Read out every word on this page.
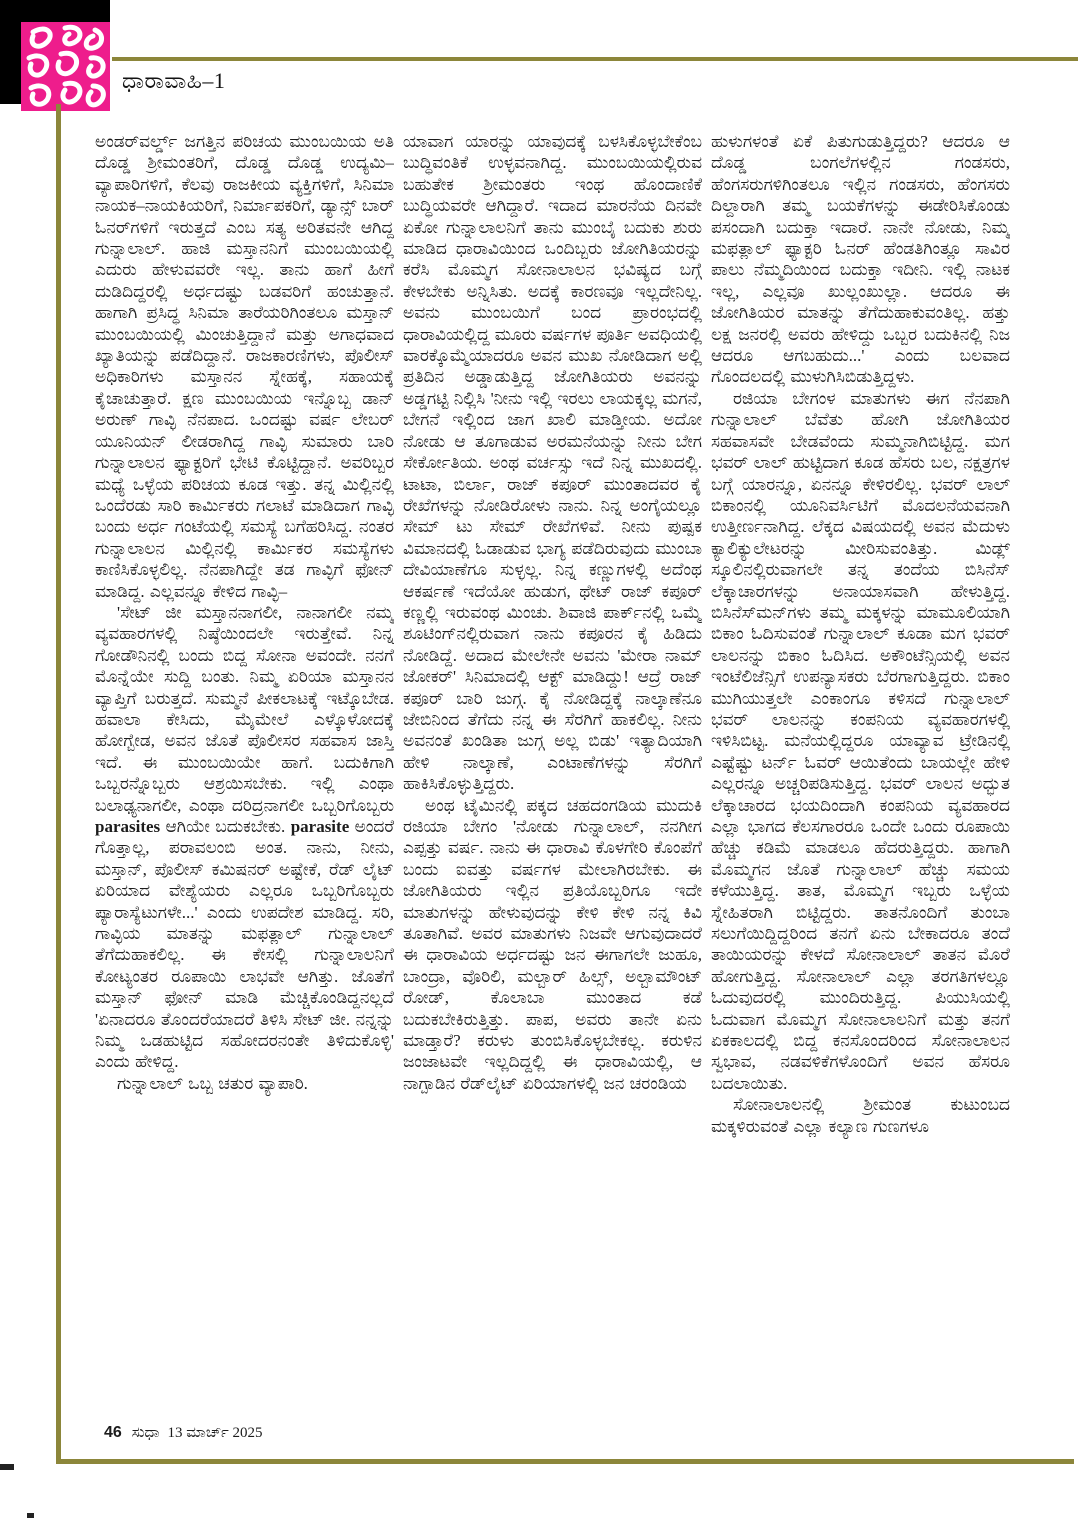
ಧಾರಾವಾಹಿ–1

ಅಂಡರ್‌ವರ್ಲ್ಡ್ ಜಗತ್ತಿನ ಪರಿಚಯ ಮುಂಬಯಿಯ ಅತಿ ದೊಡ್ಡ ಶ್ರೀಮಂತರಿಗೆ, ದೊಡ್ಡ ದೊಡ್ಡ ಉದ್ಯಮಿ–ವ್ಯಾಪಾರಿಗಳಿಗೆ, ಕೆಲವು ರಾಜಕೀಯ ವ್ಯಕ್ತಿಗಳಿಗೆ, ಸಿನಿಮಾ ನಾಯಕ–ನಾಯಕಿಯರಿಗೆ, ನಿರ್ಮಾಪಕರಿಗೆ, ಡ್ಯಾನ್ಸ್ ಬಾರ್ ಓನರ್‌ಗಳಿಗೆ ಇರುತ್ತದೆ ಎಂಬ ಸತ್ಯ ಅರಿತವನೇ ಆಗಿದ್ದ ಗುನ್ನಾಲಾಲ್. ಹಾಜಿ ಮಸ್ತಾನನಿಗೆ ಮುಂಬಯಿಯಲ್ಲಿ ಎದುರು ಹೇಳುವವರೇ ಇಲ್ಲ. ತಾನು ಹಾಗೆ ಹೀಗೆ ದುಡಿದಿದ್ದರಲ್ಲಿ ಅರ್ಧದಷ್ಟು ಬಡವರಿಗೆ ಹಂಚುತ್ತಾನೆ. ಹಾಗಾಗಿ ಪ್ರಸಿದ್ಧ ಸಿನಿಮಾ ತಾರೆಯರಿಗಿಂತಲೂ ಮಸ್ತಾನ್ ಮುಂಬಯಿಯಲ್ಲಿ ಮಿಂಚುತ್ತಿದ್ದಾನೆ ಮತ್ತು ಅಗಾಧವಾದ ಖ್ಯಾತಿಯನ್ನು ಪಡೆದಿದ್ದಾನೆ. ರಾಜಕಾರಣಿಗಳು, ಪೊಲೀಸ್ ಅಧಿಕಾರಿಗಳು ಮಸ್ತಾನನ ಸ್ನೇಹಕ್ಕೆ, ಸಹಾಯಕ್ಕೆ ಕೈಚಾಚುತ್ತಾರೆ. ಕ್ಷಣ ಮುಂಬಯಿಯ ಇನ್ನೊಬ್ಬ ಡಾನ್ ಅರುಣ್ ಗಾವ್ಳಿ ನೆನಪಾದ. ಒಂದಷ್ಟು ವರ್ಷ ಲೇಬರ್ ಯೂನಿಯನ್ ಲೀಡರಾಗಿದ್ದ ಗಾವ್ಳಿ ಸುಮಾರು ಬಾರಿ ಗುನ್ನಾಲಾಲನ ಫ್ಯಾಕ್ಟರಿಗೆ ಭೇಟಿ ಕೊಟ್ಟಿದ್ದಾನೆ. ಅವರಿಬ್ಬರ ಮಧ್ಯೆ ಒಳ್ಳೆಯ ಪರಿಚಯ ಕೂಡ ಇತ್ತು. ತನ್ನ ಮಿಲ್ಲಿನಲ್ಲಿ ಒಂದೆರಡು ಸಾರಿ ಕಾರ್ಮಿಕರು ಗಲಾಟೆ ಮಾಡಿದಾಗ ಗಾವ್ಳಿ ಬಂದು ಅರ್ಧ ಗಂಟೆಯಲ್ಲಿ ಸಮಸ್ಯೆ ಬಗೆಹರಿಸಿದ್ದ. ನಂತರ ಗುನ್ನಾಲಾಲನ ಮಿಲ್ಲಿನಲ್ಲಿ ಕಾರ್ಮಿಕರ ಸಮಸ್ಯೆಗಳು ಕಾಣಿಸಿಕೊಳ್ಳಲಿಲ್ಲ. ನೆನಪಾಗಿದ್ದೇ ತಡ ಗಾವ್ಳಿಗೆ ಫೋನ್ ಮಾಡಿದ್ದ. ಎಲ್ಲವನ್ನೂ ಕೇಳಿದ ಗಾವ್ಳಿ–

'ಸೇಟ್ ಜೀ ಮಸ್ತಾನನಾಗಲೀ, ನಾನಾಗಲೀ ನಮ್ಮ ವ್ಯವಹಾರಗಳಲ್ಲಿ ನಿಷ್ಠೆಯಿಂದಲೇ ಇರುತ್ತೇವೆ. ನಿನ್ನ ಗೋಡೌನಿನಲ್ಲಿ ಬಂದು ಬಿದ್ದ ಸೋನಾ ಅವಂದೇ. ನನಗೆ ಮೊನ್ನೆಯೇ ಸುದ್ದಿ ಬಂತು. ನಿಮ್ಮ ಏರಿಯಾ ಮಸ್ತಾನನ ವ್ಯಾಪ್ತಿಗೆ ಬರುತ್ತದೆ. ಸುಮ್ಮನೆ ಪೀಕಲಾಟಕ್ಕೆ ಇಟ್ಕೊಬೇಡ. ಹವಾಲಾ ಕೇಸಿದು, ಮೈಮೇಲೆ ಎಳ್ಕೊಳೋದಕ್ಕೆ ಹೋಗ್ಬೇಡ, ಅವನ ಜೊತೆ ಪೊಲೀಸರ ಸಹವಾಸ ಜಾಸ್ತಿ ಇದೆ. ಈ ಮುಂಬಯಿಯೇ ಹಾಗೆ. ಬದುಕಿಗಾಗಿ ಒಬ್ಬರನ್ನೊಬ್ಬರು ಆಶ್ರಯಿಸಬೇಕು. ಇಲ್ಲಿ ಎಂಥಾ ಬಲಾಢ್ಯನಾಗಲೀ, ಎಂಥಾ ದರಿದ್ರನಾಗಲೀ ಒಬ್ಬರಿಗೊಬ್ಬರು parasites ಆಗಿಯೇ ಬದುಕಬೇಕು. parasite ಅಂದರೆ ಗೊತ್ತಾಲ್ಲ, ಪರಾವಲಂಬಿ ಅಂತ. ನಾನು, ನೀನು, ಮಸ್ತಾನ್, ಪೊಲೀಸ್ ಕಮಿಷನರ್ ಅಷ್ಟೇಕೆ, ರೆಡ್ ಲೈಟ್ ಏರಿಯಾದ ವೇಶ್ಯೆಯರು ಎಲ್ಲರೂ ಒಬ್ಬರಿಗೊಬ್ಬರು ಪ್ಯಾರಾಸ್ಯೆಟುಗಳೇ...' ಎಂದು ಉಪದೇಶ ಮಾಡಿದ್ದ. ಸರಿ, ಗಾವ್ಳಿಯ ಮಾತನ್ನು ಮಫತ್ಲಾಲ್ ಗುನ್ನಾಲಾಲ್ ತೆಗೆದುಹಾಕಲಿಲ್ಲ. ಈ ಕೇಸಲ್ಲಿ ಗುನ್ನಾಲಾಲನಿಗೆ ಕೋಟ್ಯಂತರ ರೂಪಾಯಿ ಲಾಭವೇ ಆಗಿತ್ತು. ಜೊತೆಗೆ ಮಸ್ತಾನ್ ಫೋನ್ ಮಾಡಿ ಮೆಚ್ಚಿಕೊಂಡಿದ್ದನಲ್ಲದೆ 'ಏನಾದರೂ ತೊಂದರೆಯಾದರೆ ತಿಳಿಸಿ ಸೇಟ್ ಜೀ. ನನ್ನನ್ನು ನಿಮ್ಮ ಒಡಹುಟ್ಟಿದ ಸಹೋದರನಂತೇ ತಿಳಿದುಕೊಳ್ಳಿ' ಎಂದು ಹೇಳಿದ್ದ.

ಗುನ್ನಾಲಾಲ್ ಒಬ್ಬ ಚತುರ ವ್ಯಾಪಾರಿ.

ಯಾವಾಗ ಯಾರನ್ನು ಯಾವುದಕ್ಕೆ ಬಳಸಿಕೊಳ್ಳಬೇಕೆಂಬ ಬುದ್ಧಿವಂತಿಕೆ ಉಳ್ಳವನಾಗಿದ್ದ. ಮುಂಬಯಿಯಲ್ಲಿರುವ ಬಹುತೇಕ ಶ್ರೀಮಂತರು ಇಂಥ ಹೊಂದಾಣಿಕೆ ಬುದ್ಧಿಯವರೇ ಆಗಿದ್ದಾರೆ. ಇದಾದ ಮಾರನೆಯ ದಿನವೇ ಏಕೋ ಗುನ್ನಾಲಾಲನಿಗೆ ತಾನು ಮುಂಬೈ ಬದುಕು ಶುರು ಮಾಡಿದ ಧಾರಾವಿಯಿಂದ ಒಂದಿಬ್ಬರು ಜೋಗಿತಿಯರನ್ನು ಕರೆಸಿ ಮೊಮ್ಮಗ ಸೋನಾಲಾಲನ ಭವಿಷ್ಯದ ಬಗ್ಗೆ ಕೇಳಬೇಕು ಅನ್ನಿಸಿತು. ಅದಕ್ಕೆ ಕಾರಣವೂ ಇಲ್ಲದೇನಿಲ್ಲ. ಅವನು ಮುಂಬಯಿಗೆ ಬಂದ ಪ್ರಾರಂಭದಲ್ಲಿ ಧಾರಾವಿಯಲ್ಲಿದ್ದ ಮೂರು ವರ್ಷಗಳ ಪೂರ್ತಿ ಅವಧಿಯಲ್ಲಿ ವಾರಕ್ಕೊಮ್ಮೆಯಾದರೂ ಅವನ ಮುಖ ನೋಡಿದಾಗ ಅಲ್ಲಿ ಪ್ರತಿದಿನ ಅಡ್ಡಾಡುತ್ತಿದ್ದ ಜೋಗಿತಿಯರು ಅವನನ್ನು ಅಡ್ಡಗಟ್ಟಿ ನಿಲ್ಲಿಸಿ 'ನೀನು ಇಲ್ಲಿ ಇರಲು ಲಾಯಕ್ಕಲ್ಲ ಮಗನೆ, ಬೇಗನೆ ಇಲ್ಲಿಂದ ಜಾಗ ಖಾಲಿ ಮಾಡ್ತೀಯ. ಅದೋ ನೋಡು ಆ ತೂಗಾಡುವ ಅರಮನೆಯನ್ನು ನೀನು ಬೇಗ ಸೇರ್ಕೋತಿಯ. ಅಂಥ ವರ್ಚಸ್ಸು ಇದೆ ನಿನ್ನ ಮುಖದಲ್ಲಿ. ಟಾಟಾ, ಬಿರ್ಲಾ, ರಾಜ್ ಕಪೂರ್ ಮುಂತಾದವರ ಕೈ ರೇಖೆಗಳನ್ನು ನೋಡಿರೋಳು ನಾನು. ನಿನ್ನ ಅಂಗೈಯಲ್ಲೂ ಸೇಮ್ ಟು ಸೇಮ್ ರೇಖೆಗಳಿವೆ. ನೀನು ಪುಷ್ಪಕ ವಿಮಾನದಲ್ಲಿ ಓಡಾಡುವ ಭಾಗ್ಯ ಪಡೆದಿರುವುದು ಮುಂಬಾ ದೇವಿಯಾಣೆಗೂ ಸುಳ್ಳಲ್ಲ. ನಿನ್ನ ಕಣ್ಣುಗಳಲ್ಲಿ ಅದೆಂಥ ಆಕರ್ಷಣೆ ಇದೆಯೋ ಹುಡುಗ, ಥೇಟ್ ರಾಜ್ ಕಪೂರ್ ಕಣ್ಣಲ್ಲಿ ಇರುವಂಥ ಮಿಂಚು. ಶಿವಾಜಿ ಪಾರ್ಕ್‌ನಲ್ಲಿ ಒಮ್ಮೆ ಶೂಟಿಂಗ್‌ನಲ್ಲಿರುವಾಗ ನಾನು ಕಪೂರನ ಕೈ ಹಿಡಿದು ನೋಡಿದ್ದೆ. ಅದಾದ ಮೇಲೇನೇ ಅವನು 'ಮೇರಾ ನಾಮ್ ಜೋಕರ್' ಸಿನಿಮಾದಲ್ಲಿ ಆಕ್ಟ್ ಮಾಡಿದ್ದು! ಆದ್ರೆ ರಾಜ್ ಕಪೂರ್ ಬಾರಿ ಜುಗ್ಗ. ಕೈ ನೋಡಿದ್ದಕ್ಕೆ ನಾಲ್ಕಾಣೆನೂ ಜೇಬಿನಿಂದ ತೆಗೆದು ನನ್ನ ಈ ಸೆರಗಿಗೆ ಹಾಕಲಿಲ್ಲ. ನೀನು ಅವನಂತೆ ಖಂಡಿತಾ ಜುಗ್ಗ ಅಲ್ಲ ಬಿಡು' ಇತ್ಯಾದಿಯಾಗಿ ಹೇಳಿ ನಾಲ್ಕಾಣೆ, ಎಂಟಾಣೆಗಳನ್ನು ಸೆರಗಿಗೆ ಹಾಕಿಸಿಕೊಳ್ಳುತ್ತಿದ್ದರು.

ಅಂಥ ಟೈಮಿನಲ್ಲಿ ಪಕ್ಕದ ಚಹದಂಗಡಿಯ ಮುದುಕಿ ರಜಿಯಾ ಬೇಗಂ 'ನೋಡು ಗುನ್ನಾಲಾಲ್, ನನಗೀಗ ಎಪ್ಪತ್ತು ವರ್ಷ. ನಾನು ಈ ಧಾರಾವಿ ಕೊಳಗೇರಿ ಕೊಂಪೆಗೆ ಬಂದು ಐವತ್ತು ವರ್ಷಗಳ ಮೇಲಾಗಿರಬೇಕು. ಈ ಜೋಗಿತಿಯರು ಇಲ್ಲಿನ ಪ್ರತಿಯೊಬ್ಬರಿಗೂ ಇದೇ ಮಾತುಗಳನ್ನು ಹೇಳುವುದನ್ನು ಕೇಳಿ ಕೇಳಿ ನನ್ನ ಕಿವಿ ತೂತಾಗಿವೆ. ಅವರ ಮಾತುಗಳು ನಿಜವೇ ಆಗುವುದಾದರೆ ಈ ಧಾರಾವಿಯ ಅರ್ಧದಷ್ಟು ಜನ ಈಗಾಗಲೇ ಜುಹೂ, ಬಾಂದ್ರಾ, ವೊರಿಲಿ, ಮಲ್ಬಾರ್ ಹಿಲ್ಸ್, ಅಲ್ಬಾಮೌಂಟ್ ರೋಡ್, ಕೊಲಾಬಾ ಮುಂತಾದ ಕಡೆ ಬದುಕಬೇಕಿರುತ್ತಿತ್ತು. ಪಾಪ, ಅವರು ತಾನೇ ಏನು ಮಾಡ್ತಾರೆ? ಕರುಳು ತುಂಬಿಸಿಕೊಳ್ಳಬೇಕಲ್ಲ. ಕರುಳಿನ ಜಂಜಾಟವೇ ಇಲ್ಲದಿದ್ದಲ್ಲಿ ಈ ಧಾರಾವಿಯಲ್ಲಿ, ಆ ನಾಗ್ಪಾಡಿನ ರೆಡ್‌ಲೈಟ್ ಏರಿಯಾಗಳಲ್ಲಿ ಜನ ಚರಂಡಿಯ

ಹುಳುಗಳಂತೆ ಏಕೆ ಪಿತುಗುಡುತ್ತಿದ್ದರು? ಆದರೂ ಆ ದೊಡ್ಡ ಬಂಗಲೆಗಳಲ್ಲಿನ ಗಂಡಸರು, ಹೆಂಗಸರುಗಳಿಗಿಂತಲೂ ಇಲ್ಲಿನ ಗಂಡಸರು, ಹೆಂಗಸರು ದಿಲ್ದಾರಾಗಿ ತಮ್ಮ ಬಯಕೆಗಳನ್ನು ಈಡೇರಿಸಿಕೊಂಡು ಪಸಂದಾಗಿ ಬದುಕ್ತಾ ಇದಾರೆ. ನಾನೇ ನೋಡು, ನಿಮ್ಮ ಮಫತ್ಲಾಲ್ ಫ್ಯಾಕ್ಟರಿ ಓನರ್ ಹೆಂಡತಿಗಿಂತ್ಲೂ ಸಾವಿರ ಪಾಲು ನೆಮ್ಮದಿಯಿಂದ ಬದುಕ್ತಾ ಇದೀನಿ. ಇಲ್ಲಿ ನಾಟಕ ಇಲ್ಲ, ಎಲ್ಲವೂ ಖುಲ್ಲಂಖುಲ್ಲಾ. ಆದರೂ ಈ ಜೋಗಿತಿಯರ ಮಾತನ್ನು ತೆಗೆದುಹಾಕುವಂತಿಲ್ಲ. ಹತ್ತು ಲಕ್ಷ ಜನರಲ್ಲಿ ಅವರು ಹೇಳಿದ್ದು ಒಬ್ಬರ ಬದುಕಿನಲ್ಲಿ ನಿಜ ಆದರೂ ಆಗಬಹುದು...' ಎಂದು ಬಲವಾದ ಗೊಂದಲದಲ್ಲಿ ಮುಳುಗಿಸಿಬಿಡುತ್ತಿದ್ದಳು.

ರಜಿಯಾ ಬೇಗಂಳ ಮಾತುಗಳು ಈಗ ನೆನಪಾಗಿ ಗುನ್ನಾಲಾಲ್ ಬೆವೆತು ಹೋಗಿ ಜೋಗಿತಿಯರ ಸಹವಾಸವೇ ಬೇಡವೆಂದು ಸುಮ್ಮನಾಗಿಬಿಟ್ಟಿದ್ದ. ಮಗ ಭವರ್ ಲಾಲ್ ಹುಟ್ಟಿದಾಗ ಕೂಡ ಹೆಸರು ಬಲ, ನಕ್ಷತ್ರಗಳ ಬಗ್ಗೆ ಯಾರನ್ನೂ, ಏನನ್ನೂ ಕೇಳಿರಲಿಲ್ಲ. ಭವರ್ ಲಾಲ್ ಬಿಕಾಂನಲ್ಲಿ ಯೂನಿವರ್ಸಿಟಿಗೆ ಮೊದಲನೆಯವನಾಗಿ ಉತ್ತೀರ್ಣನಾಗಿದ್ದ. ಲೆಕ್ಕದ ವಿಷಯದಲ್ಲಿ ಅವನ ಮೆದುಳು ಕ್ಯಾಲಿಕ್ಯುಲೇಟರನ್ನು ಮೀರಿಸುವಂತಿತ್ತು. ಮಿಡ್ಲ್ ಸ್ಕೂಲಿನಲ್ಲಿರುವಾಗಲೇ ತನ್ನ ತಂದೆಯ ಬಿಸಿನೆಸ್ ಲೆಕ್ಕಾಚಾರಗಳನ್ನು ಅನಾಯಾಸವಾಗಿ ಹೇಳುತ್ತಿದ್ದ. ಬಿಸಿನೆಸ್‌ಮನ್‌ಗಳು ತಮ್ಮ ಮಕ್ಕಳನ್ನು ಮಾಮೂಲಿಯಾಗಿ ಬಿಕಾಂ ಓದಿಸುವಂತೆ ಗುನ್ನಾಲಾಲ್ ಕೂಡಾ ಮಗ ಭವರ್ ಲಾಲನನ್ನು ಬಿಕಾಂ ಓದಿಸಿದ. ಅಕೌಂಟೆನ್ಸಿಯಲ್ಲಿ ಅವನ ಇಂಟೆಲಿಜೆನ್ಸಿಗೆ ಉಪನ್ಯಾಸಕರು ಬೆರಗಾಗುತ್ತಿದ್ದರು. ಬಿಕಾಂ ಮುಗಿಯುತ್ತಲೇ ಎಂಕಾಂಗೂ ಕಳಿಸದೆ ಗುನ್ನಾಲಾಲ್ ಭವರ್ ಲಾಲನನ್ನು ಕಂಪನಿಯ ವ್ಯವಹಾರಗಳಲ್ಲಿ ಇಳಿಸಿಬಿಟ್ಟ. ಮನೆಯಲ್ಲಿದ್ದರೂ ಯಾವ್ಯಾವ ಟ್ರೇಡಿನಲ್ಲಿ ಎಷ್ಟೆಷ್ಟು ಟರ್ನ್ ಓವರ್ ಆಯಿತೆಂದು ಬಾಯಲ್ಲೇ ಹೇಳಿ ಎಲ್ಲರನ್ನೂ ಅಚ್ಚರಿಪಡಿಸುತ್ತಿದ್ದ. ಭವರ್ ಲಾಲನ ಅದ್ಭುತ ಲೆಕ್ಕಾಚಾರದ ಭಯದಿಂದಾಗಿ ಕಂಪನಿಯ ವ್ಯವಹಾರದ ಎಲ್ಲಾ ಭಾಗದ ಕೆಲಸಗಾರರೂ ಒಂದೇ ಒಂದು ರೂಪಾಯಿ ಹೆಚ್ಚು ಕಡಿಮೆ ಮಾಡಲೂ ಹೆದರುತ್ತಿದ್ದರು. ಹಾಗಾಗಿ ಮೊಮ್ಮಗನ ಜೊತೆ ಗುನ್ನಾಲಾಲ್ ಹೆಚ್ಚು ಸಮಯ ಕಳೆಯುತ್ತಿದ್ದ. ತಾತ, ಮೊಮ್ಮಗ ಇಬ್ಬರು ಒಳ್ಳೆಯ ಸ್ನೇಹಿತರಾಗಿ ಬಿಟ್ಟಿದ್ದರು. ತಾತನೊಂದಿಗೆ ತುಂಬಾ ಸಲುಗೆಯಿದ್ದಿದ್ದರಿಂದ ತನಗೆ ಏನು ಬೇಕಾದರೂ ತಂದೆ ತಾಯಿಯರನ್ನು ಕೇಳದೆ ಸೋನಾಲಾಲ್ ತಾತನ ಮೊರೆ ಹೋಗುತ್ತಿದ್ದ. ಸೋನಾಲಾಲ್ ಎಲ್ಲಾ ತರಗತಿಗಳಲ್ಲೂ ಓದುವುದರಲ್ಲಿ ಮುಂದಿರುತ್ತಿದ್ದ. ಪಿಯುಸಿಯಲ್ಲಿ ಓದುವಾಗ ಮೊಮ್ಮಗ ಸೋನಾಲಾಲನಿಗೆ ಮತ್ತು ತನಗೆ ಏಕಕಾಲದಲ್ಲಿ ಬಿದ್ದ ಕನಸೊಂದರಿಂದ ಸೋನಾಲಾಲನ ಸ್ವಭಾವ, ನಡವಳಿಕೆಗಳೊಂದಿಗೆ ಅವನ ಹೆಸರೂ ಬದಲಾಯಿತು.

ಸೋನಾಲಾಲನಲ್ಲಿ ಶ್ರೀಮಂತ ಕುಟುಂಬದ ಮಕ್ಕಳಿರುವಂತೆ ಎಲ್ಲಾ ಕಲ್ಯಾಣ ಗುಣಗಳೂ

46 ಸುಧಾ 13 ಮಾರ್ಚ್ 2025
